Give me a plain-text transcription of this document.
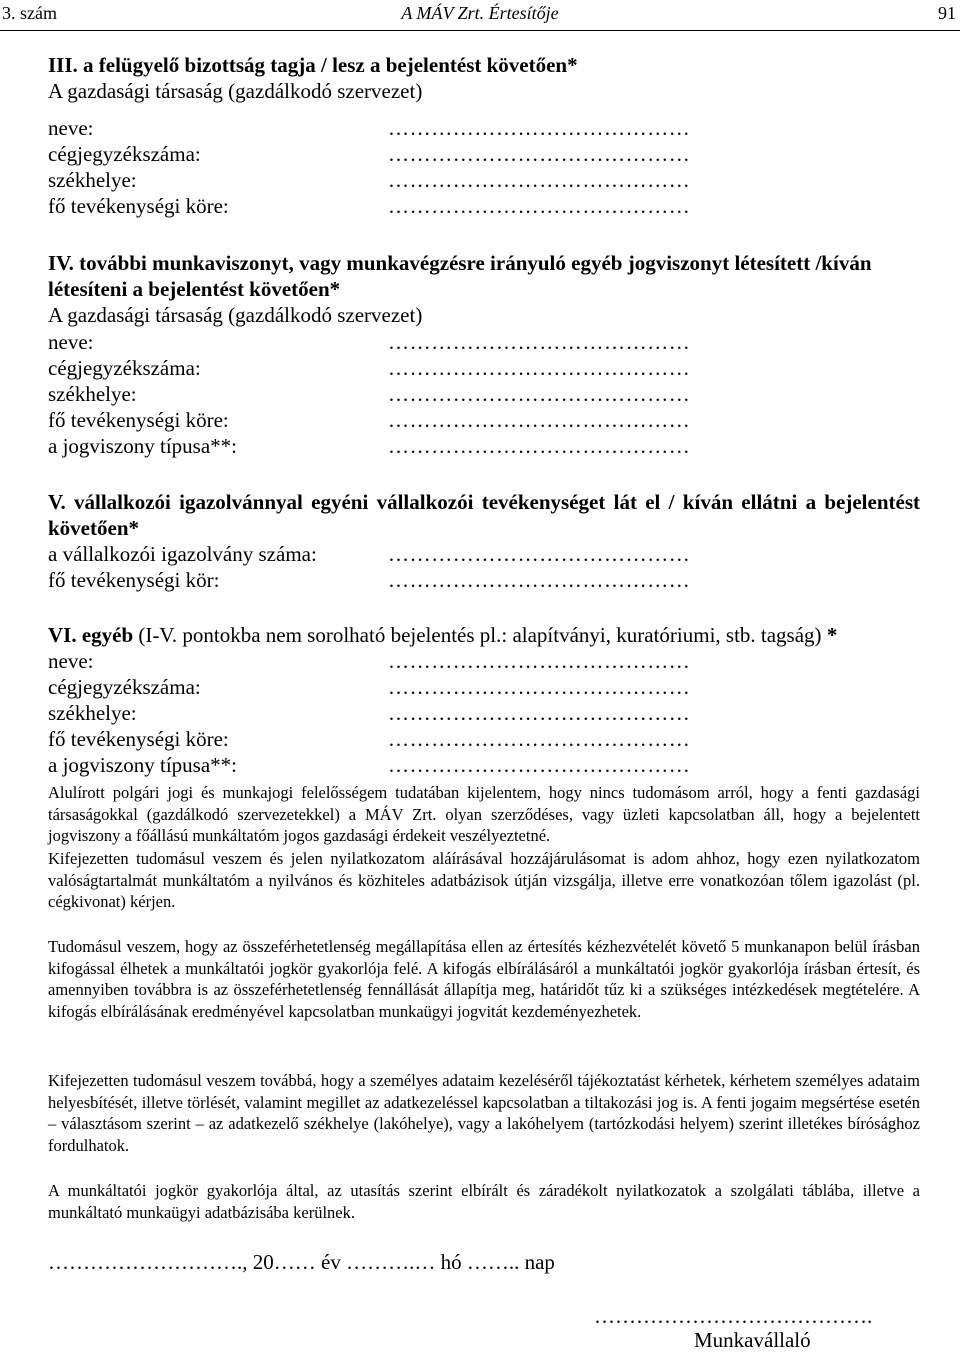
3. szám	A MÁV Zrt. Értesítője	91
III. a felügyelő bizottság tagja / lesz a bejelentést követően*
A gazdasági társaság (gazdálkodó szervezet)
neve:	……………………………………
cégjegyzékszáma:	……………………………………
székhelye:	……………………………………
fő tevékenységi köre:	……………………………………
IV. további munkaviszonyt, vagy munkavégzésre irányuló egyéb jogviszonyt létesített /kíván létesíteni a bejelentést követően*
A gazdasági társaság (gazdálkodó szervezet)
neve:	……………………………………
cégjegyzékszáma:	……………………………………
székhelye:	……………………………………
fő tevékenységi köre:	……………………………………
a jogviszony típusa**:	……………………………………
V. vállalkozói igazolvánnyal egyéni vállalkozói tevékenységet lát el / kíván ellátni a bejelentést követően*
a vállalkozói igazolvány száma:	……………………………………
fő tevékenységi kör:	……………………………………
VI. egyéb (I-V. pontokba nem sorolható bejelentés pl.: alapítványi, kuratóriumi, stb. tagság) *
neve:	……………………………………
cégjegyzékszáma:	……………………………………
székhelye:	……………………………………
fő tevékenységi köre:	……………………………………
a jogviszony típusa**:	……………………………………
Alulírott polgári jogi és munkajogi felelősségem tudatában kijelentem, hogy nincs tudomásom arról, hogy a fenti gazdasági társaságokkal (gazdálkodó szervezetekkel) a MÁV Zrt. olyan szerződéses, vagy üzleti kapcsolatban áll, hogy a bejelentett jogviszony a főállású munkáltatóm jogos gazdasági érdekeit veszélyeztetné.
Kifejezetten tudomásul veszem és jelen nyilatkozatom aláírásával hozzájárulásomat is adom ahhoz, hogy ezen nyilatkozatom valóságtartalmát munkáltatóm a nyilvános és közhiteles adatbázisok útján vizsgálja, illetve erre vonatkozóan tőlem igazolást (pl. cégkivonat) kérjen.
Tudomásul veszem, hogy az összeférhetetlenség megállapítása ellen az értesítés kézhezvételét követő 5 munkanapon belül írásban kifogással élhetek a munkáltatói jogkör gyakorlója felé. A kifogás elbírálásáról a munkáltatói jogkör gyakorlója írásban értesít, és amennyiben továbbra is az összeférhetetlenség fennállását állapítja meg, határidőt tűz ki a szükséges intézkedések megtételére. A kifogás elbírálásának eredményével kapcsolatban munkaügyi jogvitát kezdeményezhetek.
Kifejezetten tudomásul veszem továbbá, hogy a személyes adataim kezeléséről tájékoztatást kérhetek, kérhetem személyes adataim helyesbítését, illetve törlését, valamint megillet az adatkezeléssel kapcsolatban a tiltakozási jog is. A fenti jogaim megsértése esetén – választásom szerint – az adatkezelő székhelye (lakóhelye), vagy a lakóhelyem (tartózkodási helyem) szerint illetékes bírósághoz fordulhatok.
A munkáltatói jogkör gyakorlója által, az utasítás szerint elbírált és záradékolt nyilatkozatok a szolgálati táblába, illetve a munkáltató munkaügyi adatbázisába kerülnek.
………………………., 20…… év ……….… hó …….. nap
………………………………….
Munkavállaló
